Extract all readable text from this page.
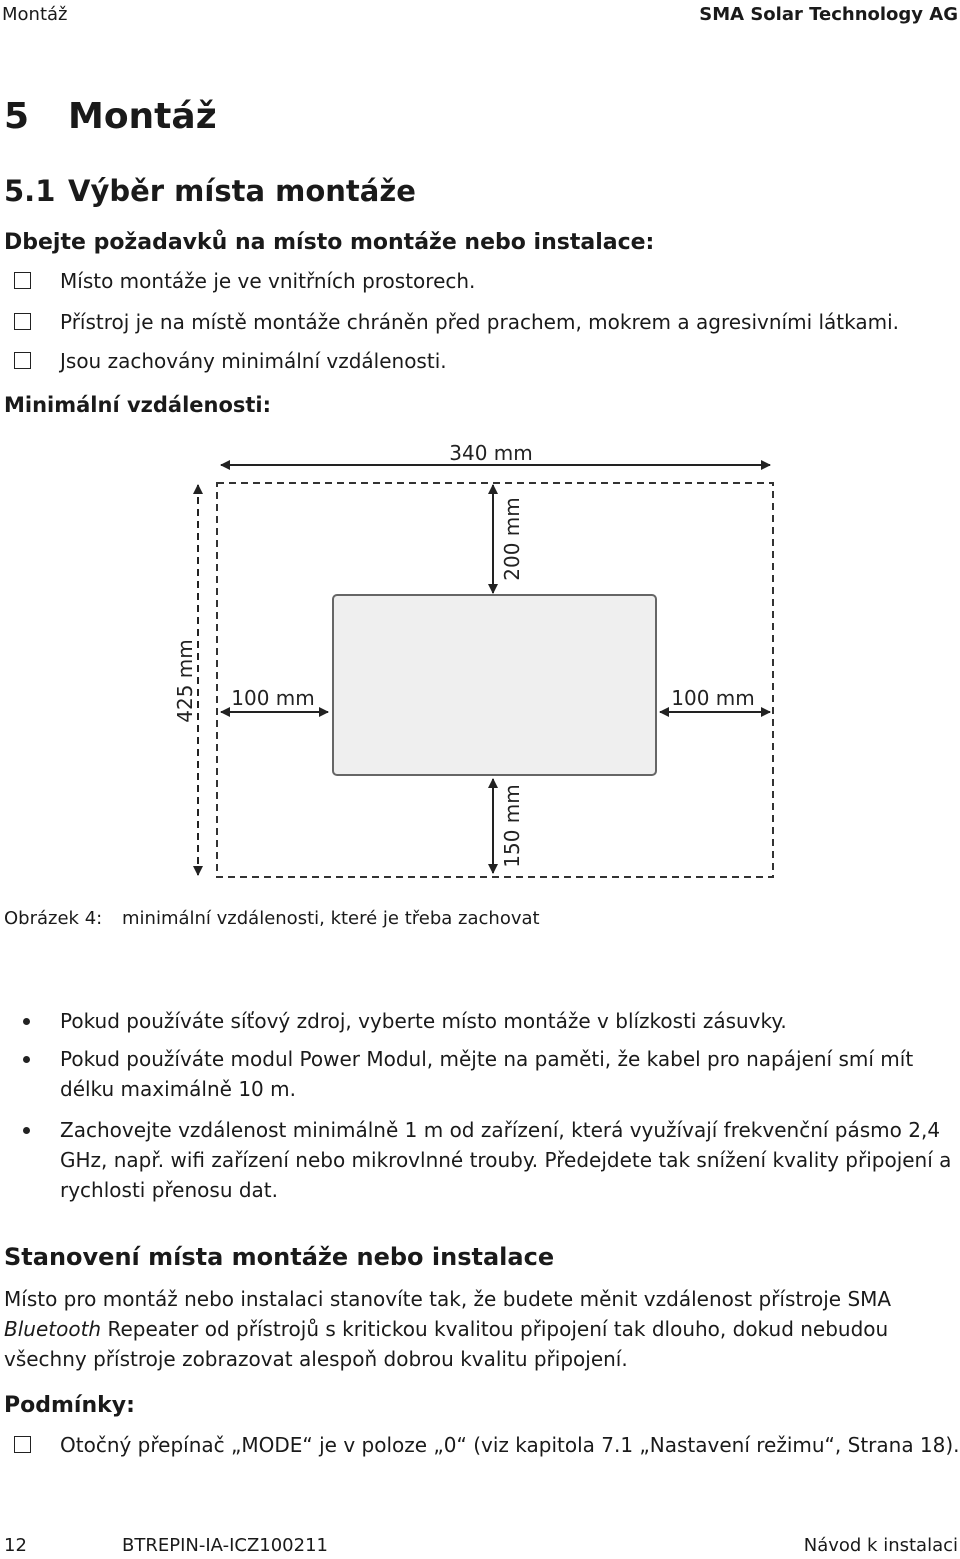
Montáž	SMA Solar Technology AG
5 Montáž
5.1 Výběr místa montáže
Dbejte požadavků na místo montáže nebo instalace:
Místo montáže je ve vnitřních prostorech.
Přístroj je na místě montáže chráněn před prachem, mokrem a agresivními látkami.
Jsou zachovány minimální vzdálenosti.
Minimální vzdálenosti:
340 mm
425 mm
200 mm
100 mm	100 mm
150 mm
Obrázek 4: minimální vzdálenosti, které je třeba zachovat
Pokud používáte síťový zdroj, vyberte místo montáže v blízkosti zásuvky.
Pokud používáte modul Power Modul, mějte na paměti, že kabel pro napájení smí mít délku maximálně 10 m.
Zachovejte vzdálenost minimálně 1 m od zařízení, která využívají frekvenční pásmo 2,4 GHz, např. wifi zařízení nebo mikrovlnné trouby. Předejdete tak snížení kvality připojení a rychlosti přenosu dat.
Stanovení místa montáže nebo instalace
Místo pro montáž nebo instalaci stanovíte tak, že budete měnit vzdálenost přístroje SMA Bluetooth Repeater od přístrojů s kritickou kvalitou připojení tak dlouho, dokud nebudou všechny přístroje zobrazovat alespoň dobrou kvalitu připojení.
Podmínky:
Otočný přepínač „MODE“ je v poloze „0“ (viz kapitola 7.1 „Nastavení režimu“, Strana 18).
12	BTREPIN-IA-ICZ100211	Návod k instalaci
